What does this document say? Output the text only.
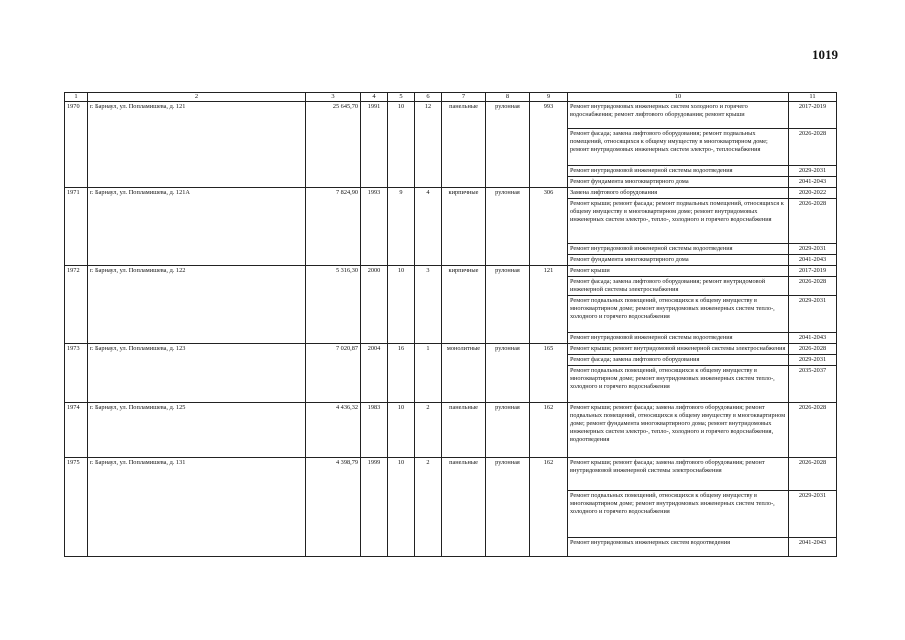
1019
1	2	3	4	5	6	7	8	9	10	11
1970	г. Барнаул, ул. Попламишева, д. 121	25 645,70	1991	10	12	панельные	рулонная	993	Ремонт внутридомовых инженерных систем холодного и горячего водоснабжения; ремонт лифтового оборудования; ремонт крыши	2017-2019
									Ремонт фасада; замена лифтового оборудования; ремонт подвальных помещений, относящихся к общему имуществу в многоквартирном доме; ремонт внутридомовых инженерных систем электро-, теплоснабжения	2026-2028
									Ремонт внутридомовой инженерной системы водоотведения	2029-2031
									Ремонт фундамента многоквартирного дома	2041-2043
1971	г. Барнаул, ул. Попламишева, д. 121А	7 824,90	1993	9	4	кирпичные	рулонная	306	Замена лифтового оборудования	2020-2022
									Ремонт крыши; ремонт фасада; ремонт подвальных помещений, относящихся к общему имуществу в многоквартирном доме; ремонт внутридомовых инженерных систем электро-, тепло-, холодного и горячего водоснабжения	2026-2028
									Ремонт внутридомовой инженерной системы водоотведения	2029-2031
									Ремонт фундамента многоквартирного дома	2041-2043
1972	г. Барнаул, ул. Попламишева, д. 122	5 316,30	2000	10	3	кирпичные	рулонная	121	Ремонт крыши	2017-2019
									Ремонт фасада; замена лифтового оборудования; ремонт внутридомовой инженерной системы электроснабжения	2026-2028
									Ремонт подвальных помещений, относящихся к общему имуществу в многоквартирном доме; ремонт внутридомовых инженерных систем тепло-, холодного и горячего водоснабжения	2029-2031
									Ремонт внутридомовой инженерной системы водоотведения	2041-2043
1973	г. Барнаул, ул. Попламишева, д. 123	7 020,87	2004	16	1	монолитные	рулонная	165	Ремонт крыши; ремонт внутридомовой инженерной системы электроснабжения	2026-2028
									Ремонт фасада; замена лифтового оборудования	2029-2031
									Ремонт подвальных помещений, относящихся к общему имуществу в многоквартирном доме; ремонт внутридомовых инженерных систем тепло-, холодного и горячего водоснабжения	2035-2037
1974	г. Барнаул, ул. Попламишева, д. 125	4 436,32	1983	10	2	панельные	рулонная	162	Ремонт крыши; ремонт фасада; замена лифтового оборудования; ремонт подвальных помещений, относящихся к общему имуществу в многоквартирном доме; ремонт фундамента многоквартирного дома; ремонт внутридомовых инженерных систем электро-, тепло-, холодного и горячего водоснабжения, водоотведения	2026-2028
1975	г. Барнаул, ул. Попламишева, д. 131	4 398,79	1999	10	2	панельные	рулонная	162	Ремонт крыши; ремонт фасада; замена лифтового оборудования; ремонт внутридомовой инженерной системы электроснабжения	2026-2028
									Ремонт подвальных помещений, относящихся к общему имуществу в многоквартирном доме; ремонт внутридомовых инженерных систем тепло-, холодного и горячего водоснабжения	2029-2031
									Ремонт внутридомовых инженерных систем водоотведения	2041-2043
